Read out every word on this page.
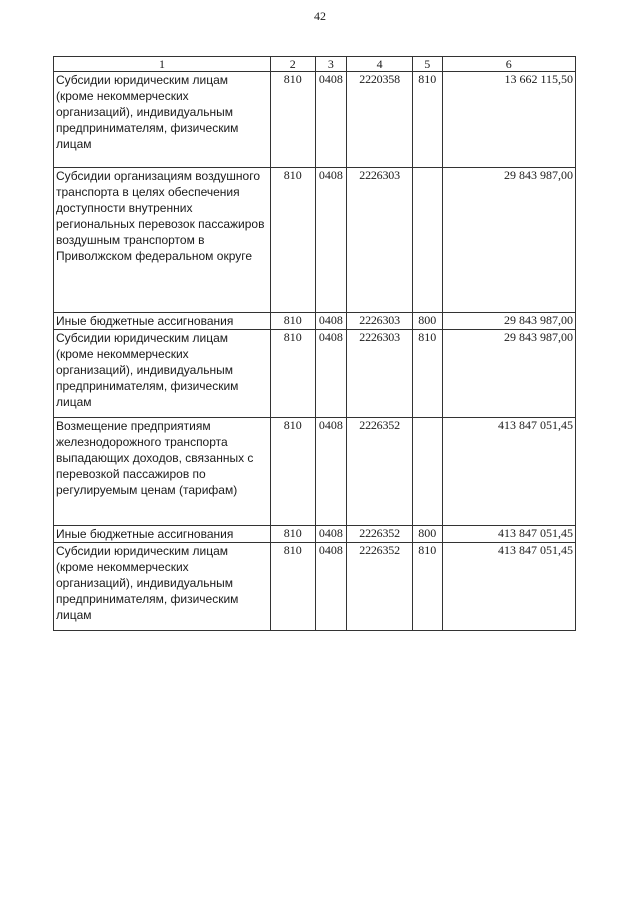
42
1	2	3	4	5	6
Субсидии юридическим лицам (кроме некоммерческих организаций), индивидуальным предпринимателям, физическим лицам	810	0408	2220358	810	13 662 115,50
Субсидии организациям воздушного транспорта в целях обеспечения доступности внутренних региональных перевозок пассажиров воздушным транспортом в Приволжском федеральном округе	810	0408	2226303		29 843 987,00
Иные бюджетные ассигнования	810	0408	2226303	800	29 843 987,00
Субсидии юридическим лицам (кроме некоммерческих организаций), индивидуальным предпринимателям, физическим лицам	810	0408	2226303	810	29 843 987,00
Возмещение предприятиям железнодорожного транспорта выпадающих доходов, связанных с перевозкой пассажиров по регулируемым ценам (тарифам)	810	0408	2226352		413 847 051,45
Иные бюджетные ассигнования	810	0408	2226352	800	413 847 051,45
Субсидии юридическим лицам (кроме некоммерческих организаций), индивидуальным предпринимателям, физическим лицам	810	0408	2226352	810	413 847 051,45
